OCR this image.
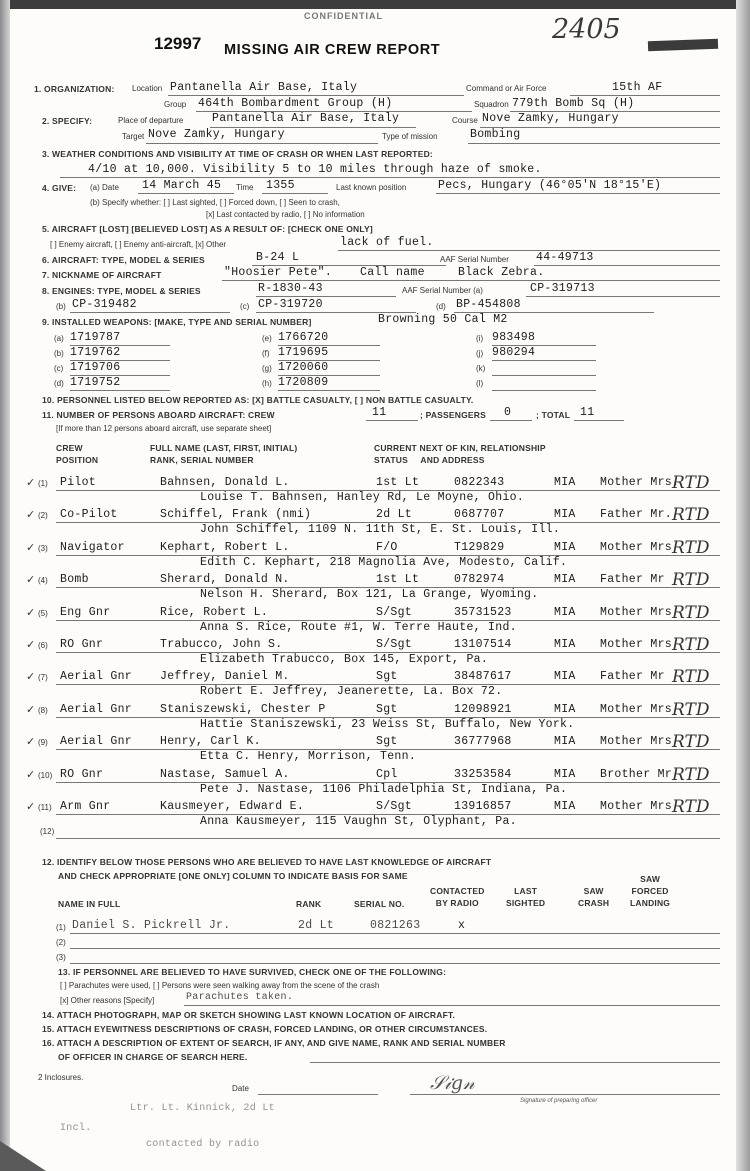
CONFIDENTIAL
12997 MISSING AIR CREW REPORT
2405
1. ORGANIZATION: Location Pantanella Air Base, Italy	Command or Air Force	15th AF
Group 464th Bombardment Group (H)	Squadron 779th Bomb Sq (H)
2. SPECIFY:	Place of departure Pantanella Air Base, Italy	Course Nove Zamky, Hungary
Target Nove Zamky, Hungary	Type of mission	Bombing
3. WEATHER CONDITIONS AND VISIBILITY AT TIME OF CRASH OR WHEN LAST REPORTED:
4/10 at 10,000. Visibility 5 to 10 miles through haze of smoke.
4. GIVE: (a) Date 14 March 45 Time 1355	Last known position	Pecs, Hungary (46°05'N 18°15'E)
(b) Specify whether: [ ] Last sighted, [ ] Forced down, [ ] Seen to crash,
[x] Last contacted by radio, [ ] No information
5. AIRCRAFT [LOST] [BELIEVED LOST] AS A RESULT OF: [CHECK ONE ONLY]
[ ] Enemy aircraft, [ ] Enemy anti-aircraft, [x] Other	lack of fuel.
6. AIRCRAFT: TYPE, MODEL & SERIES	B-24 L	AAF Serial Number 44-49713
7. NICKNAME OF AIRCRAFT	"Hoosier Pete". Call name	Black Zebra.
8. ENGINES: TYPE, MODEL & SERIES	R-1830-43	AAF Serial Number (a)	CP-319713
(b) CP-319482	(c) CP-319720	(d) BP-454808
9. INSTALLED WEAPONS: [MAKE, TYPE AND SERIAL NUMBER]	Browning 50 Cal M2
(a) 1719787
(b) 1719762
(c) 1719706
(d) 1719752
(e) 1766720
(f) 1719695
(g) 1720060
(h) 1720809
(i) 983498
(j) 980294
(k)
(l)
10. PERSONNEL LISTED BELOW REPORTED AS: [X] BATTLE CASUALTY, [ ] NON BATTLE CASUALTY.
11. NUMBER OF PERSONS ABOARD AIRCRAFT: CREW	11	; PASSENGERS 0	; TOTAL 11
[If more than 12 persons aboard aircraft, use separate sheet]
CREW
POSITION
FULL NAME (LAST, FIRST, INITIAL)
RANK, SERIAL NUMBER
CURRENT NEXT OF KIN, RELATIONSHIP
STATUS     AND ADDRESS
(1) Pilot	Bahnsen, Donald L.	1st Lt	0822343	MIA Mother Mrs.
Louise T. Bahnsen, Hanley Rd, Le Moyne, Ohio.
RTD
✓
(2) Co-Pilot	Schiffel, Frank (nmi)	2d Lt	0687707	MIA Father Mr.
John Schiffel, 1109 N. 11th St, E. St. Louis, Ill.
RTD
✓
(3) Navigator	Kephart, Robert L.	F/O	T129829	MIA Mother Mrs
Edith C. Kephart, 218 Magnolia Ave, Modesto, Calif.
RTD
✓
(4) Bomb	Sherard, Donald N.	1st Lt	0782974	MIA Father Mr
Nelson H. Sherard, Box 121, La Grange, Wyoming.
RTD
✓
(5) Eng Gnr	Rice, Robert L.	S/Sgt	35731523	MIA Mother Mrs
Anna S. Rice, Route #1, W. Terre Haute, Ind.
RTD
✓
(6) RO Gnr	Trabucco, John S.	S/Sgt	13107514	MIA Mother Mrs
Elizabeth Trabucco, Box 145, Export, Pa.
RTD
✓
(7) Aerial Gnr Jeffrey, Daniel M.	Sgt	38487617	MIA Father Mr
Robert E. Jeffrey, Jeanerette, La. Box 72.
RTD
✓
(8) Aerial Gnr Staniszewski, Chester P	Sgt	12098921	MIA Mother Mrs
Hattie Staniszewski, 23 Weiss St, Buffalo, New York.
RTD
✓
(9) Aerial Gnr Henry, Carl K.	Sgt	36777968	MIA Mother Mrs
Etta C. Henry, Morrison, Tenn.
RTD
✓
(10) RO Gnr	Nastase, Samuel A.	Cpl	33253584	MIA Brother Mr
Pete J. Nastase, 1106 Philadelphia St, Indiana, Pa.
RTD
✓
(11) Arm Gnr	Kausmeyer, Edward E.	S/Sgt	13916857	MIA Mother Mrs
Anna Kausmeyer, 115 Vaughn St, Olyphant, Pa.
RTD
✓
(12)
12. IDENTIFY BELOW THOSE PERSONS WHO ARE BELIEVED TO HAVE LAST KNOWLEDGE OF AIRCRAFT
AND CHECK APPROPRIATE [ONE ONLY] COLUMN TO INDICATE BASIS FOR SAME
NAME IN FULL	RANK	SERIAL NO.
CONTACTED
BY RADIO
LAST
SIGHTED
SAW
CRASH
SAW
FORCED
LANDING
(1) Daniel S. Pickrell Jr.	2d Lt	0821263	x
(2)
(3)
13. IF PERSONNEL ARE BELIEVED TO HAVE SURVIVED, CHECK ONE OF THE FOLLOWING:
[ ] Parachutes were used, [ ] Persons were seen walking away from the scene of the crash
[x] Other reasons [Specify]	Parachutes taken.
14. ATTACH PHOTOGRAPH, MAP OR SKETCH SHOWING LAST KNOWN LOCATION OF AIRCRAFT.
15. ATTACH EYEWITNESS DESCRIPTIONS OF CRASH, FORCED LANDING, OR OTHER CIRCUMSTANCES.
16. ATTACH A DESCRIPTION OF EXTENT OF SEARCH, IF ANY, AND GIVE NAME, RANK AND SERIAL NUMBER
OF OFFICER IN CHARGE OF SEARCH HERE.
2 Inclosures.
Date	𝒮𝒾𝑔𝓃
Signature of preparing officer
Ltr. Lt. Kinnick, 2d Lt
Incl.
contacted by radio
